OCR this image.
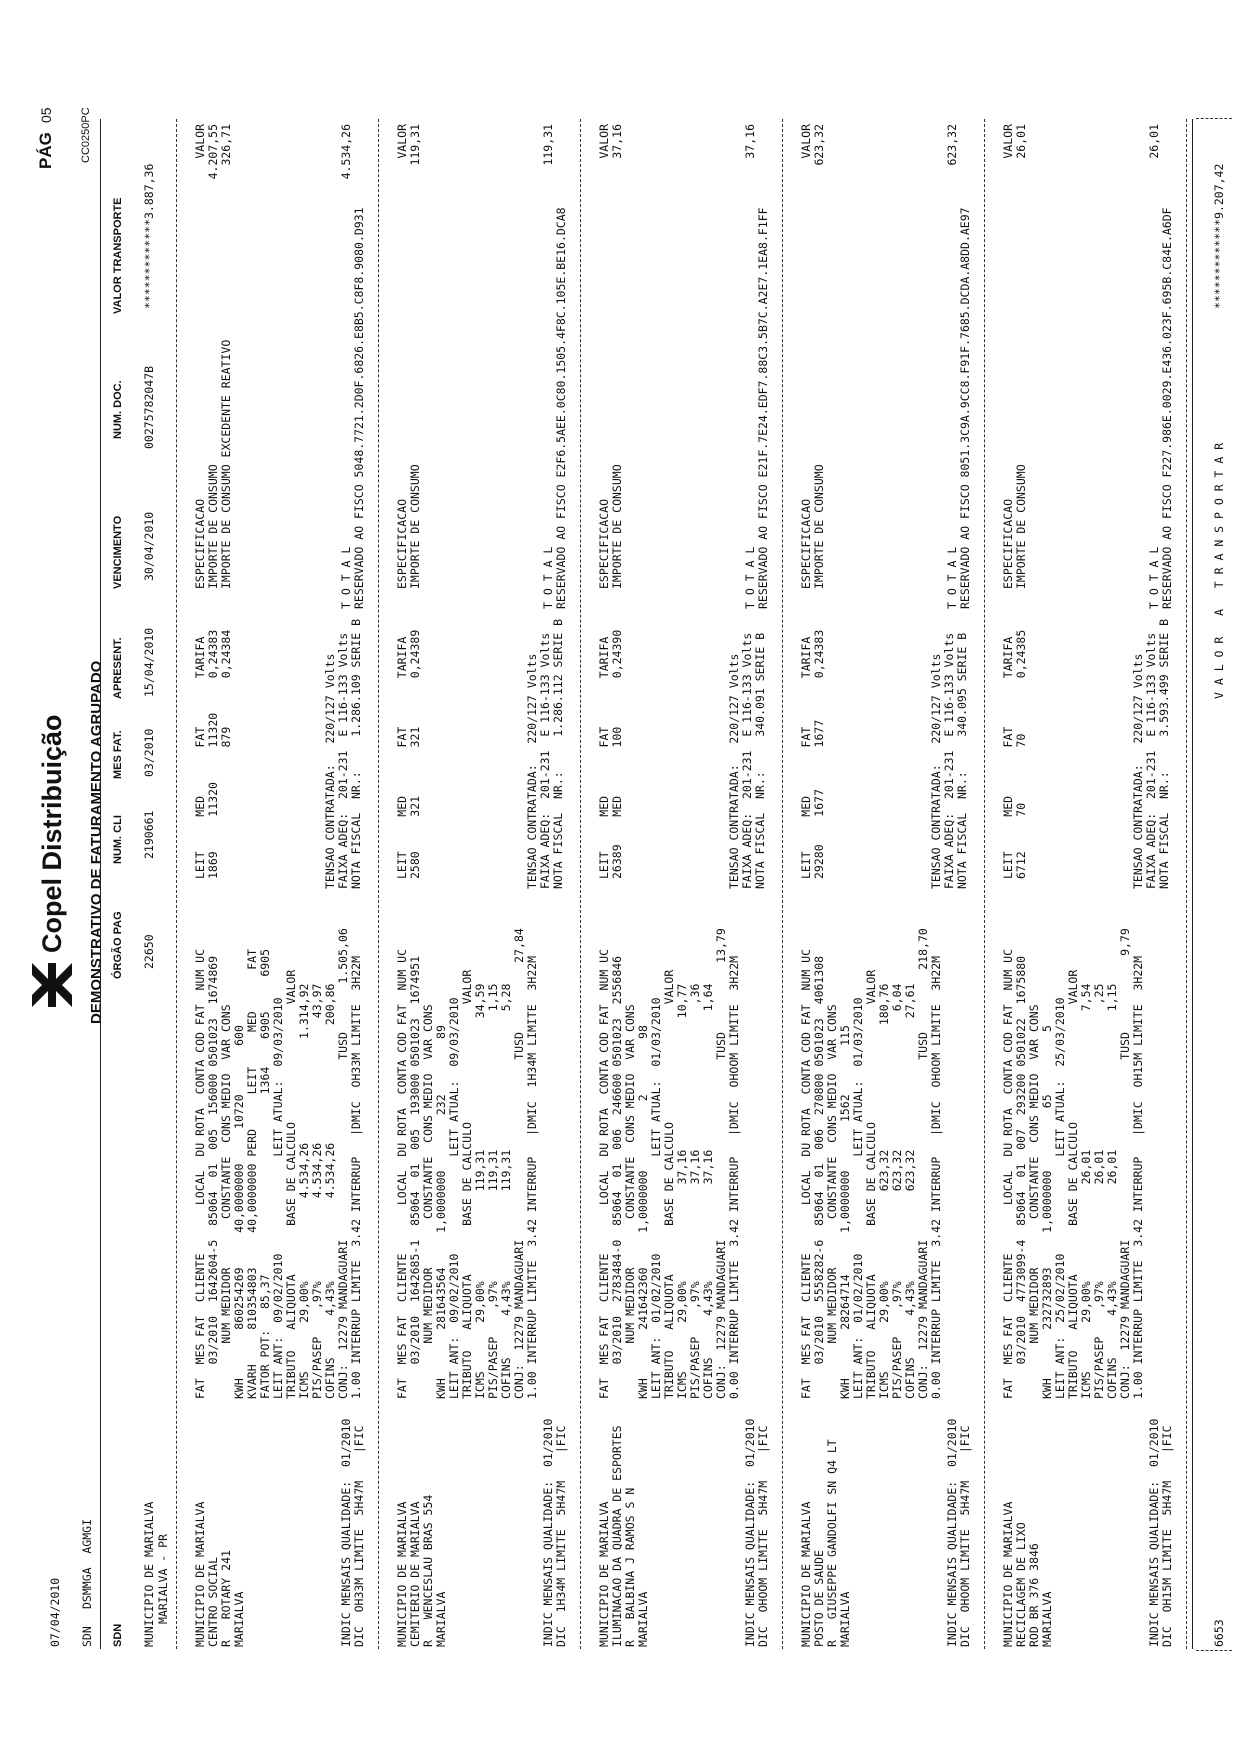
07/04/2010 SDN
DSMMGA  AGMGI
Copel Distribuição DEMONSTRATIVO DE FATURAMENTO AGRUPADO
PÁG
05 CC0250PC
SDN
ÓRGÃO PAG
NUM. CLI
MES FAT.
APRESENT.
VENCIMENTO
NUM. DOC.
VALOR TRANSPORTE
MUNICIPIO DE MARIALVA MARIALVA - PR
22650
2190661
03/2010
15/04/2010
30/04/2010
00275782047B
*************3.887,36
MUNICIPIO DE MARIALVA
CENTRO SOCIAL
R   ROTARY 241
MARIALVA
FAT  MES FAT  CLIENTE       LOCAL  DU ROTA  CONTA COD FAT  NUM UC
03/2010  1642604-5  85064  01  005  156000 0501023  1674869
NUM MEDIDOR       CONSTANTE  CONS MEDIO  VAR CONS
KWH       860254269     40,0000000     10720       600
KVARH     810354803     40,0000000 PERD     LEIT     MED      FAT
FATOR POT:   85,37                          1364    6905     6905
LEIT ANT:  09/02/2010              LEIT ATUAL:  09/03/2010
TRIBUTO   ALIQUOTA       BASE DE CALCULO                 VALOR
ICMS       29,00%            4.534,26               1.314,92
PIS/PASEP    ,97%            4.534,26                  43,97
COFINS      4,43%            4.534,26                 200,86
CONJ:  12279 MANDAGUARI                          TUSD       1.505,06
1.00 INTERRUP LIMITE  3.42 INTERRUP   |DMIC  OH33M LIMITE  3H22M
LEIT     MED       FAT       TARIFA
1869     11320     11320     0,24383
879       0,24384
ESPECIFICACAO
IMPORTE DE CONSUMO
IMPORTE DE CONSUMO EXCEDENTE REATIVO
VALOR
4.207,55
326,71
INDIC MENSAIS QUALIDADE:  01/2010
DIC  OH33M LIMITE  5H47M    |FIC
TENSAO CONTRATADA:   220/127 Volts
FAIXA ADEQ:  201-231  E 116-133 Volts
NOTA FISCAL  NR.:     1.286.109 SERIE B
T O T A L
RESERVADO AO FISCO 5048.7721.2D0F.6826.E8B5.C8F8.9080.D931
4.534,26
MUNICIPIO DE MARIALVA
CEMITERIO DE MARIALVA
R   WENCESLAU BRAS 554
MARIALVA
FAT  MES FAT  CLIENTE       LOCAL  DU ROTA  CONTA COD FAT  NUM UC
03/2010  1642685-1  85064  01  005  193000 0501023  1674951
NUM MEDIDOR       CONSTANTE  CONS MEDIO  VAR CONS
KWH       281643564     1,0000000        232        89
LEIT ANT:  09/02/2010              LEIT ATUAL:  09/03/2010
TRIBUTO   ALIQUOTA       BASE DE CALCULO                 VALOR
ICMS       29,00%             119,31                   34,59
PIS/PASEP    ,97%             119,31                    1,15
COFINS      4,43%             119,31                    5,28
CONJ:  12279 MANDAGUARI                          TUSD          27,84
1.00 INTERRUP LIMITE  3.42 INTERRUP   |DMIC  1H34M LIMITE  3H22M
LEIT     MED       FAT       TARIFA
2580     321       321       0,24389
ESPECIFICACAO
IMPORTE DE CONSUMO
VALOR
119,31
INDIC MENSAIS QUALIDADE:  01/2010
DIC  1H34M LIMITE  5H47M    |FIC
TENSAO CONTRATADA:   220/127 Volts
FAIXA ADEQ:  201-231  E 116-133 Volts
NOTA FISCAL  NR.:     1.286.112 SERIE B
T O T A L
RESERVADO AO FISCO E2F6.5AEE.0C80.1505.4F8C.105E.BE16.DCA8
119,31
MUNICIPIO DE MARIALVA
ILUMINACAO DA QUADRA DE ESPORTES
R   BALBINA J RAMOS S N
MARIALVA
FAT  MES FAT  CLIENTE       LOCAL  DU ROTA  CONTA COD FAT  NUM UC
03/2010  2783484-0  85064  01  006  246600 0501023  2556846
NUM MEDIDOR       CONSTANTE  CONS MEDIO  VAR CONS
KWH       241642360     1,0000000          2        98
LEIT ANT:  01/02/2010              LEIT ATUAL:  01/03/2010
TRIBUTO   ALIQUOTA       BASE DE CALCULO                 VALOR
ICMS       29,00%              37,16                   10,77
PIS/PASEP    ,97%              37,16                     ,36
COFINS      4,43%              37,16                    1,64
CONJ:  12279 MANDAGUARI                          TUSD          13,79
0.00 INTERRUP LIMITE  3.42 INTERRUP   |DMIC  OHOOM LIMITE  3H22M
LEIT     MED       FAT       TARIFA
26389    MED       100       0,24390
ESPECIFICACAO
IMPORTE DE CONSUMO
VALOR
37,16
INDIC MENSAIS QUALIDADE:  01/2010
DIC  OHOOM LIMITE  5H47M    |FIC
TENSAO CONTRATADA:   220/127 Volts
FAIXA ADEQ:  201-231  E 116-133 Volts
NOTA FISCAL  NR.:     340.091 SERIE B
T O T A L
RESERVADO AO FISCO E21F.7E24.EDF7.88C3.5B7C.A2E7.1EA8.F1FF
37,16
MUNICIPIO DE MARIALVA
POSTO DE SAUDE
R   GIUSEPPE GANDOLFI SN Q4 LT
MARIALVA
FAT  MES FAT  CLIENTE       LOCAL  DU ROTA  CONTA COD FAT  NUM UC
03/2010  5558282-6  85064  01  006  270800 0501023  4061308
NUM MEDIDOR       CONSTANTE  CONS MEDIO  VAR CONS
KWH       28264714      1,0000000       1562       115
LEIT ANT:  01/02/2010              LEIT ATUAL:  01/03/2010
TRIBUTO   ALIQUOTA       BASE DE CALCULO                 VALOR
ICMS       29,00%             623,32                  180,76
PIS/PASEP    ,97%             623,32                    6,04
COFINS      4,43%             623,32                   27,61
CONJ:  12279 MANDAGUARI                          TUSD         218,70
0.00 INTERRUP LIMITE  3.42 INTERRUP   |DMIC  OHOOM LIMITE  3H22M
LEIT     MED       FAT       TARIFA
29280    1677      1677      0,24383
ESPECIFICACAO
IMPORTE DE CONSUMO
VALOR
623,32
INDIC MENSAIS QUALIDADE:  01/2010
DIC  OHOOM LIMITE  5H47M    |FIC
TENSAO CONTRATADA:   220/127 Volts
FAIXA ADEQ:  201-231  E 116-133 Volts
NOTA FISCAL  NR.:     340.095 SERIE B
T O T A L
RESERVADO AO FISCO 8051.3C9A.9CC8.F91F.7685.DCDA.A8DD.AE97
623,32
MUNICIPIO DE MARIALVA
RECICLAGEM DE LIXO
ROD BR 376 3846
MARIALVA
FAT  MES FAT  CLIENTE       LOCAL  DU ROTA  CONTA COD FAT  NUM UC
03/2010  4773099-4  85064  01  007  293200 0501022  1675880
NUM MEDIDOR       CONSTANTE  CONS MEDIO  VAR CONS
KWH       232732893     1,0000000         65         5
LEIT ANT:  25/02/2010              LEIT ATUAL:  25/03/2010
TRIBUTO   ALIQUOTA       BASE DE CALCULO                 VALOR
ICMS       29,00%              26,01                    7,54
PIS/PASEP    ,97%              26,01                     ,25
COFINS      4,43%              26,01                    1,15
CONJ:  12279 MANDAGUARI                          TUSD           9,79
1.00 INTERRUP LIMITE  3.42 INTERRUP   |DMIC  OH15M LIMITE  3H22M
LEIT     MED       FAT       TARIFA
6712     70        70        0,24385
ESPECIFICACAO
IMPORTE DE CONSUMO
VALOR
26,01
INDIC MENSAIS QUALIDADE:  01/2010
DIC  OH15M LIMITE  5H47M    |FIC
TENSAO CONTRATADA:   220/127 Volts
FAIXA ADEQ:  201-231  E 116-133 Volts
NOTA FISCAL  NR.:     3.593.499 SERIE B
T O T A L
RESERVADO AO FISCO F227.986E.0029.E436.023F.695B.C84E.A6DF
26,01
6653
V A L O R   A   T R A N S P O R T A R
*************9.207,42
